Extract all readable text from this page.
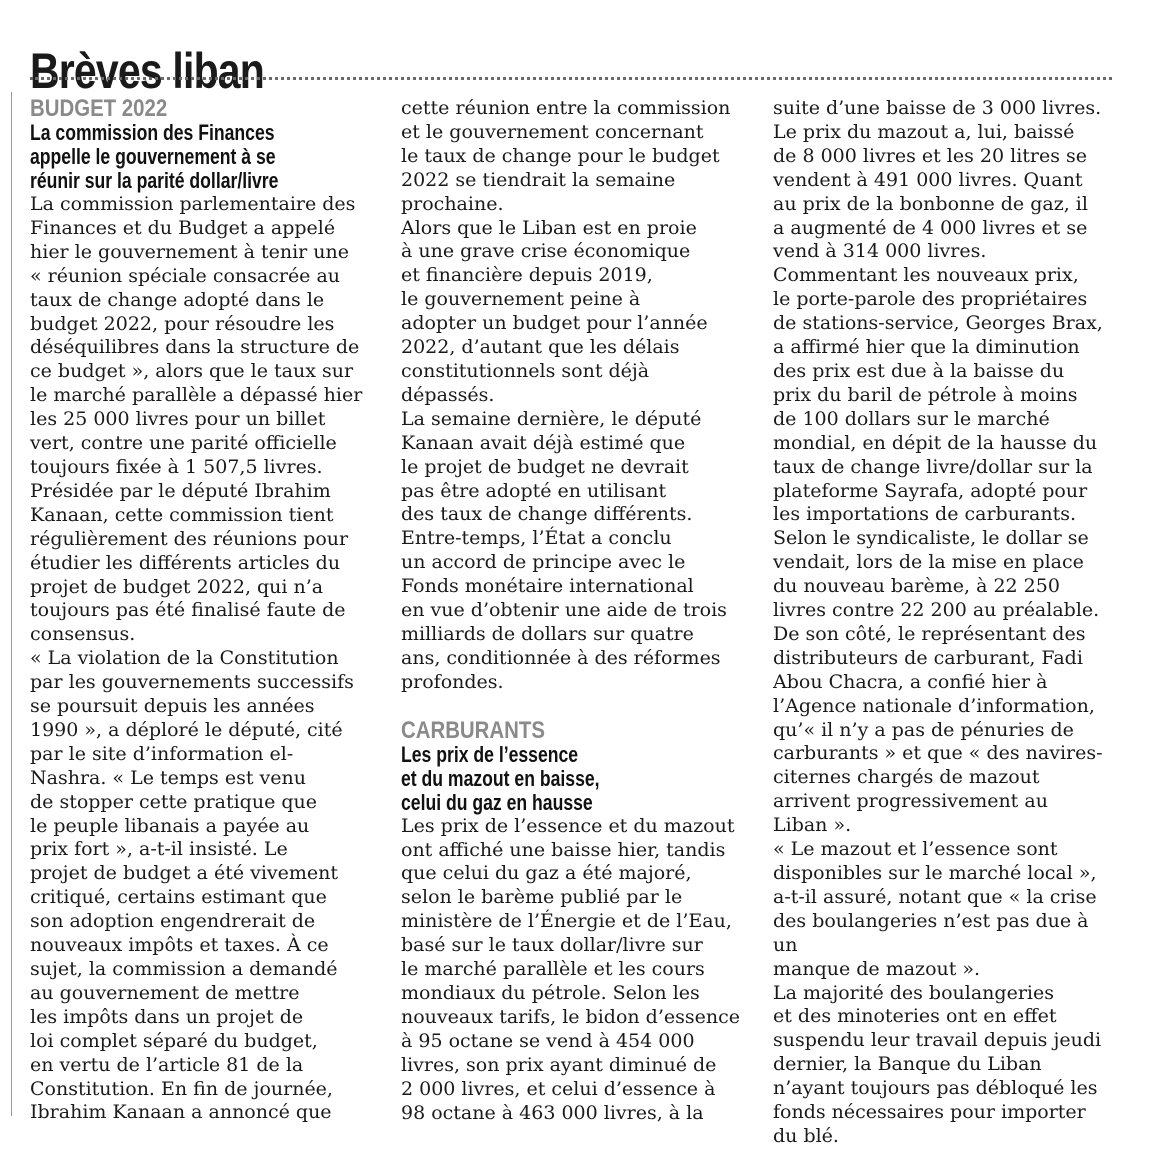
Brèves liban
BUDGET 2022
La commission des Finances
appelle le gouvernement à se
réunir sur la parité dollar/livre

La commission parlementaire des

Finances et du Budget a appelé

hier le gouvernement à tenir une

« réunion spéciale consacrée au

taux de change adopté dans le

budget 2022, pour résoudre les

déséquilibres dans la structure de

ce budget », alors que le taux sur

le marché parallèle a dépassé hier

les 25 000 livres pour un billet

vert, contre une parité officielle

toujours fixée à 1 507,5 livres.

Présidée par le député Ibrahim

Kanaan, cette commission tient

régulièrement des réunions pour

étudier les différents articles du

projet de budget 2022, qui n’a

toujours pas été finalisé faute de

consensus.

« La violation de la Constitution

par les gouvernements successifs

se poursuit depuis les années

1990 », a déploré le député, cité

par le site d’information el-

Nashra. « Le temps est venu

de stopper cette pratique que

le peuple libanais a payée au

prix fort », a-t-il insisté. Le

projet de budget a été vivement

critiqué, certains estimant que

son adoption engendrerait de

nouveaux impôts et taxes. À ce

sujet, la commission a demandé

au gouvernement de mettre

les impôts dans un projet de

loi complet séparé du budget,

en vertu de l’article 81 de la

Constitution. En fin de journée,

Ibrahim Kanaan a annoncé que

cette réunion entre la commission

et le gouvernement concernant

le taux de change pour le budget

2022 se tiendrait la semaine

prochaine.

Alors que le Liban est en proie

à une grave crise économique

et financière depuis 2019,

le gouvernement peine à

adopter un budget pour l’année

2022, d’autant que les délais

constitutionnels sont déjà

dépassés.

La semaine dernière, le député

Kanaan avait déjà estimé que

le projet de budget ne devrait

pas être adopté en utilisant

des taux de change différents.

Entre-temps, l’État a conclu

un accord de principe avec le

Fonds monétaire international

en vue d’obtenir une aide de trois

milliards de dollars sur quatre

ans, conditionnée à des réformes

profondes.

CARBURANTS
Les prix de l’essence
et du mazout en baisse,
celui du gaz en hausse

Les prix de l’essence et du mazout

ont affiché une baisse hier, tandis

que celui du gaz a été majoré,

selon le barème publié par le

ministère de l’Énergie et de l’Eau,

basé sur le taux dollar/livre sur

le marché parallèle et les cours

mondiaux du pétrole. Selon les

nouveaux tarifs, le bidon d’essence

à 95 octane se vend à 454 000

livres, son prix ayant diminué de

2 000 livres, et celui d’essence à

98 octane à 463 000 livres, à la

suite d’une baisse de 3 000 livres.

Le prix du mazout a, lui, baissé

de 8 000 livres et les 20 litres se

vendent à 491 000 livres. Quant

au prix de la bonbonne de gaz, il

a augmenté de 4 000 livres et se

vend à 314 000 livres.

Commentant les nouveaux prix,

le porte-parole des propriétaires

de stations-service, Georges Brax,

a affirmé hier que la diminution

des prix est due à la baisse du

prix du baril de pétrole à moins

de 100 dollars sur le marché

mondial, en dépit de la hausse du

taux de change livre/dollar sur la

plateforme Sayrafa, adopté pour

les importations de carburants.

Selon le syndicaliste, le dollar se

vendait, lors de la mise en place

du nouveau barème, à 22 250

livres contre 22 200 au préalable.

De son côté, le représentant des

distributeurs de carburant, Fadi

Abou Chacra, a confié hier à

l’Agence nationale d’information,

qu’« il n’y a pas de pénuries de

carburants » et que « des navires-

citernes chargés de mazout

arrivent progressivement au

Liban ».

« Le mazout et l’essence sont

disponibles sur le marché local »,

a-t-il assuré, notant que « la crise

des boulangeries n’est pas due à un

manque de mazout ».

La majorité des boulangeries

et des minoteries ont en effet

suspendu leur travail depuis jeudi

dernier, la Banque du Liban

n’ayant toujours pas débloqué les

fonds nécessaires pour importer

du blé.
